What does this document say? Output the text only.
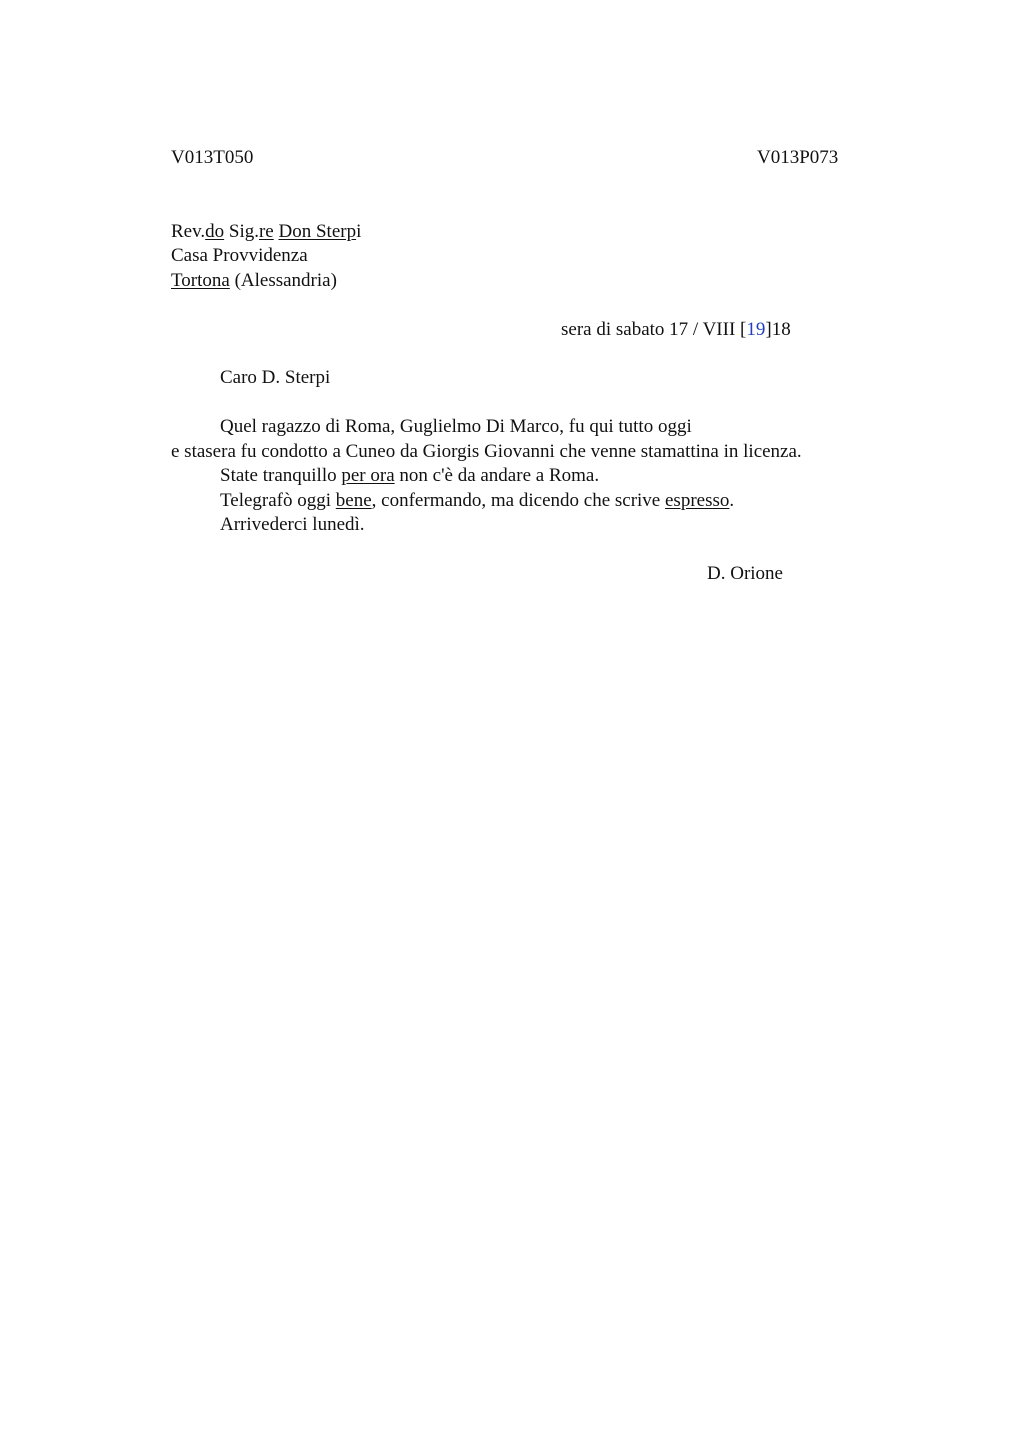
V013T050	V013P073
Rev.do Sig.re Don Sterpi
Casa Provvidenza
Tortona (Alessandria)
sera di sabato 17 / VIII [19]18
Caro D. Sterpi
Quel ragazzo di Roma, Guglielmo Di Marco, fu qui tutto oggi
e stasera fu condotto a Cuneo da Giorgis Giovanni che venne stamattina in licenza.
State tranquillo per ora non c'è da andare a Roma.
Telegrafò oggi bene, confermando, ma dicendo che scrive espresso.
Arrivederci lunedì.
D. Orione
